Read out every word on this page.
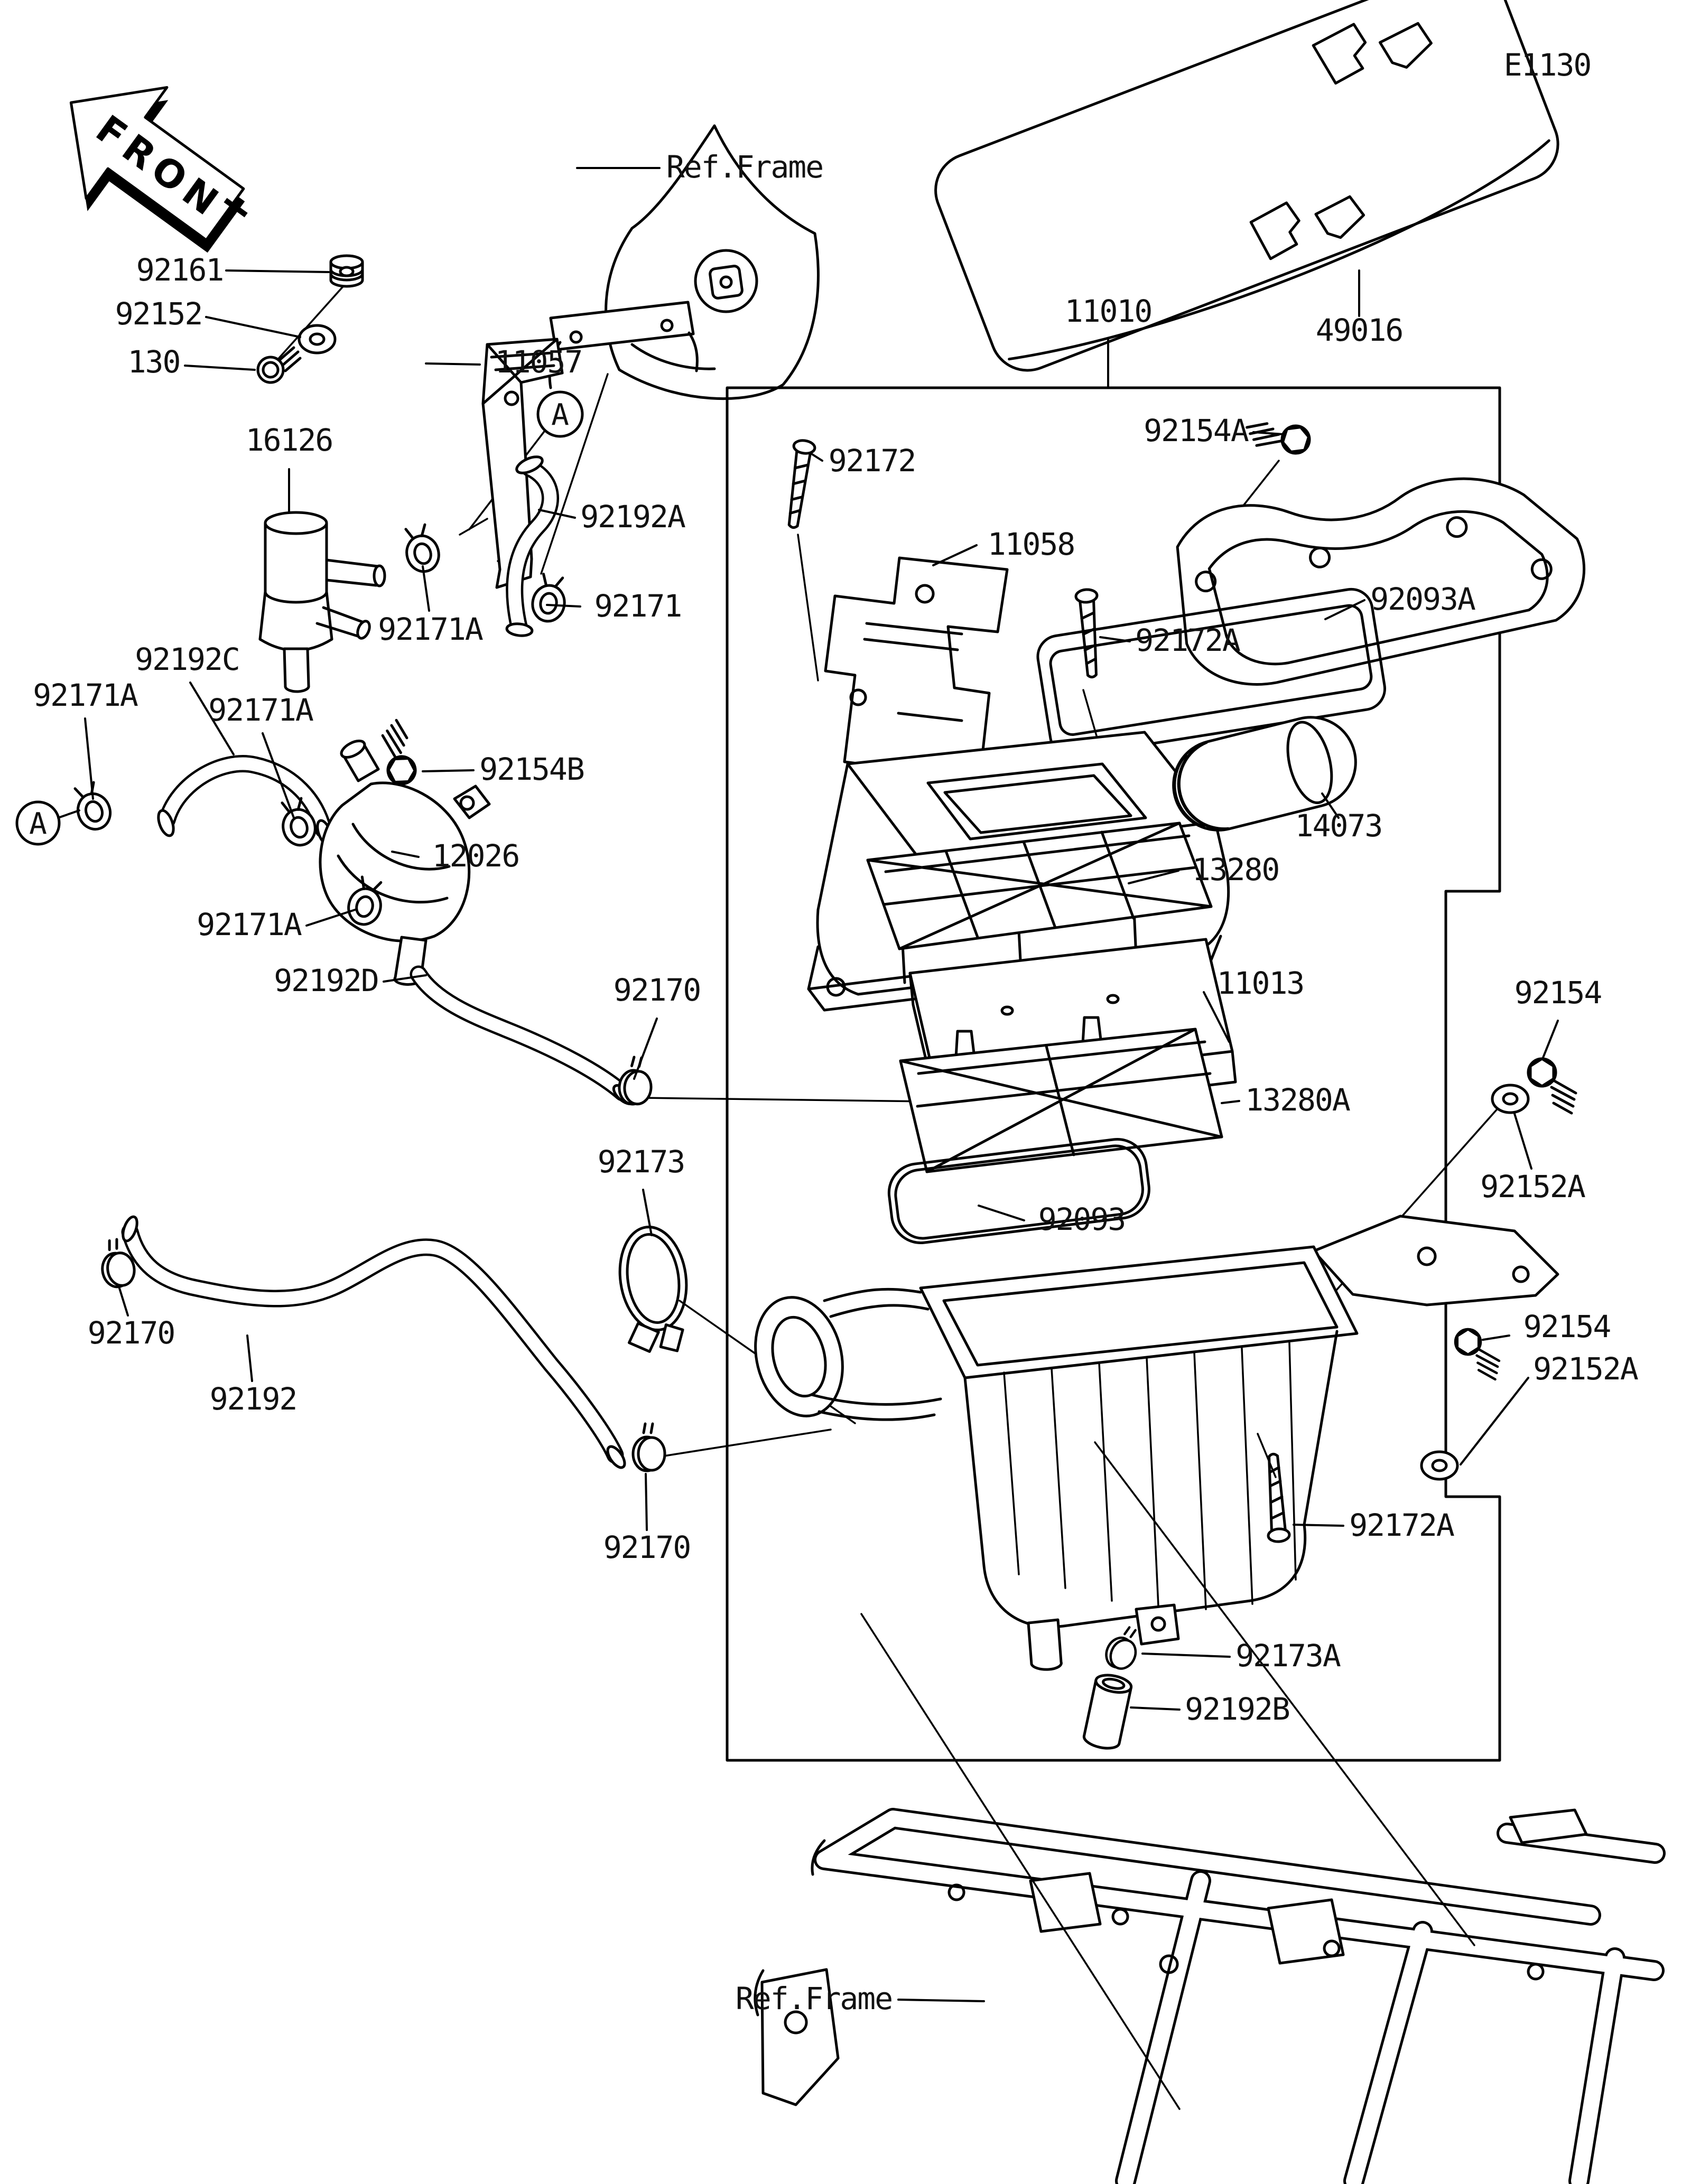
FRONT
A
A
E1130
Ref.Frame
Ref.Frame
92161
92152
130	11057
16126
92192A
92171A
92171
92192C
92171A 92171A
92154B
12026
92171A
92192D	92170
92173
92170
92192
92170
11010
49016
92154A
92172
11058
92093A
92172A
14073
13280
11013	92154
13280A
92152A
92093
92154
92152A
92172A
92173A
92192B
